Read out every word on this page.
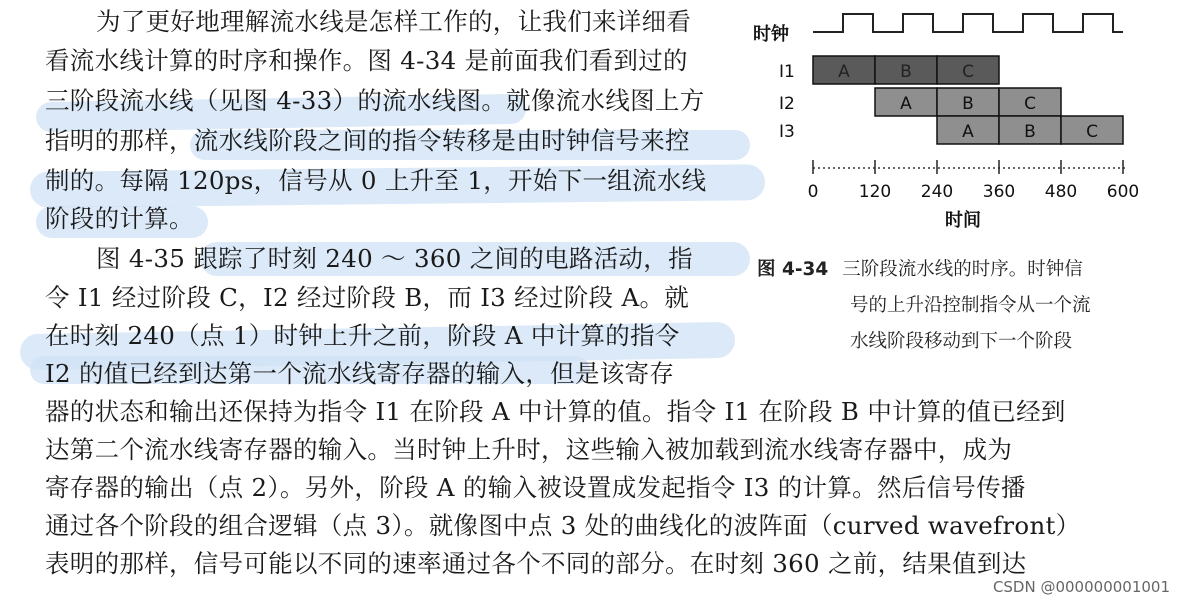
为了更好地理解流水线是怎样工作的，让我们来详细看
看流水线计算的时序和操作。图 4-34 是前面我们看到过的
三阶段流水线（见图 4-33）的流水线图。就像流水线图上方
指明的那样，流水线阶段之间的指令转移是由时钟信号来控
制的。每隔 120ps，信号从 0 上升至 1，开始下一组流水线
阶段的计算。
图 4-35 跟踪了时刻 240 ～ 360 之间的电路活动，指
令 I1 经过阶段 C，I2 经过阶段 B，而 I3 经过阶段 A。就
在时刻 240（点 1）时钟上升之前，阶段 A 中计算的指令
I2 的值已经到达第一个流水线寄存器的输入，但是该寄存
器的状态和输出还保持为指令 I1 在阶段 A 中计算的值。指令 I1 在阶段 B 中计算的值已经到
达第二个流水线寄存器的输入。当时钟上升时，这些输入被加载到流水线寄存器中，成为
寄存器的输出（点 2）。另外，阶段 A 的输入被设置成发起指令 I3 的计算。然后信号传播
通过各个阶段的组合逻辑（点 3）。就像图中点 3 处的曲线化的波阵面（curved wavefront）
表明的那样，信号可能以不同的速率通过各个不同的部分。在时刻 360 之前，结果值到达
时钟
I1	A	B	C
I2	A	B	C
I3	A	B	C
0 120 240 360 480 600
时间
图 4-34 三阶段流水线的时序。时钟信
号的上升沿控制指令从一个流
水线阶段移动到下一个阶段
CSDN @000000001001
